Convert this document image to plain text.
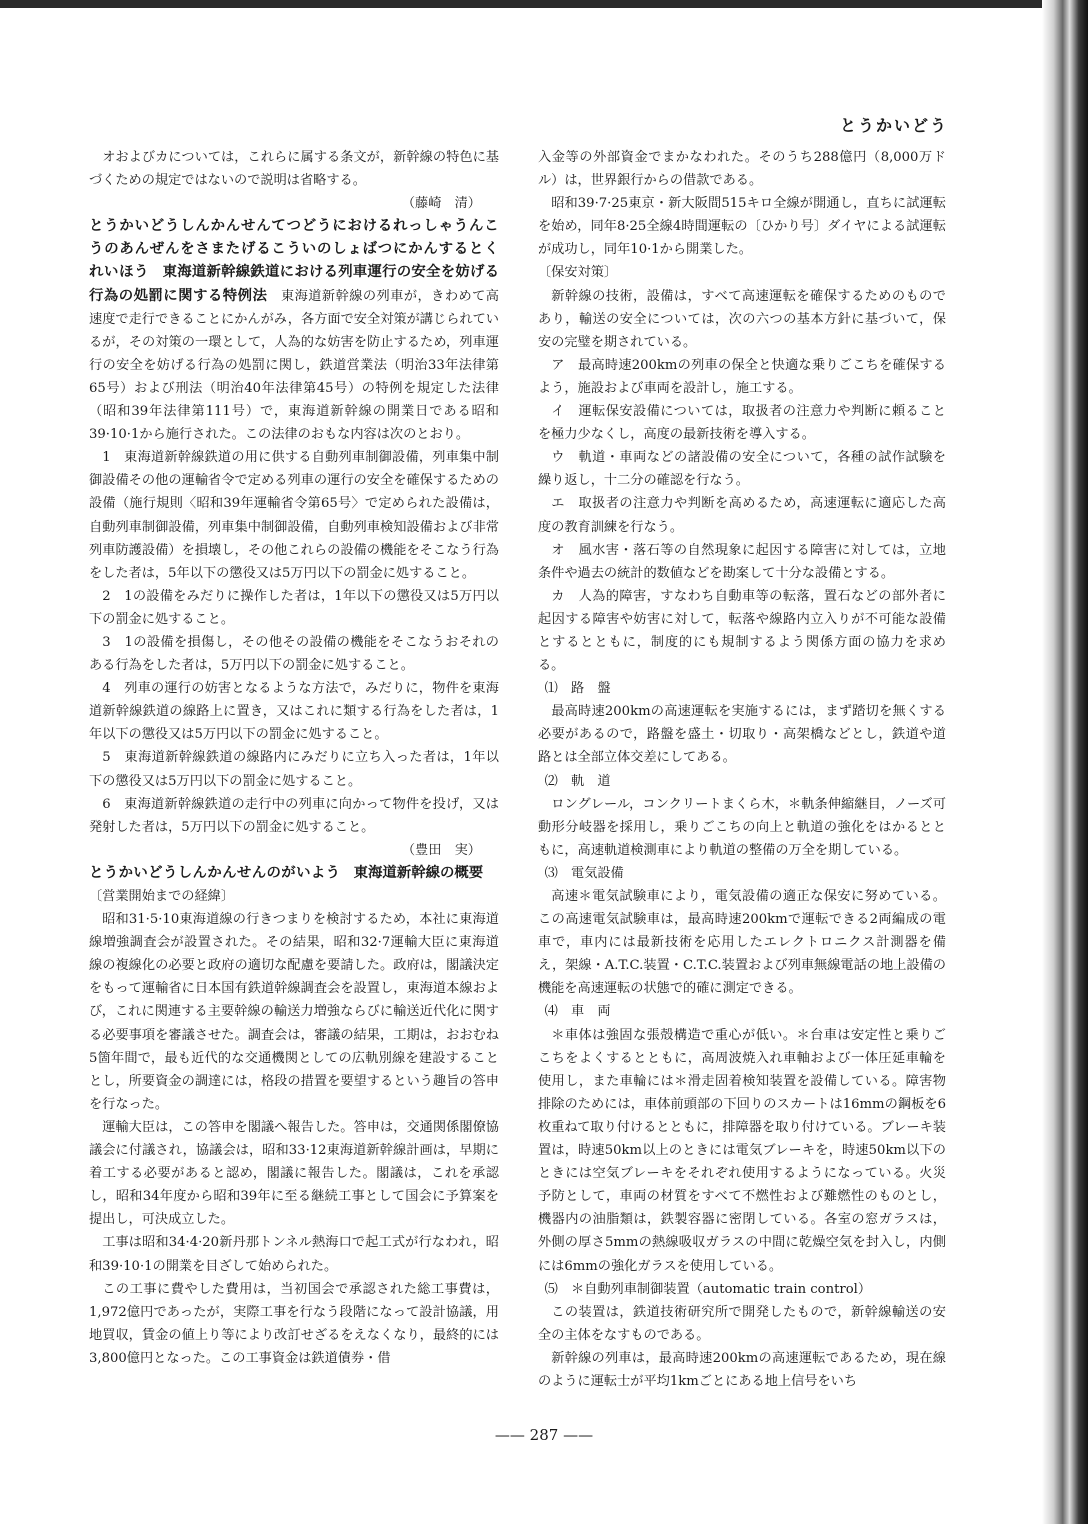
とうかいどう

オおよびカについては，これらに属する条文が，新幹線の特色に基づくための規定ではないので説明は省略する。

（藤崎　清）

とうかいどうしんかんせんてつどうにおけるれっしゃうんこうのあんぜんをさまたげるこういのしょばつにかんするとくれいほう　 東海道新幹線鉄道における列車運行の安全を妨げる行為の処罰に関する特例法　 東海道新幹線の列車が，きわめて高速度で走行できることにかんがみ，各方面で安全対策が講じられているが，その対策の一環として，人為的な妨害を防止するため，列車運行の安全を妨げる行為の処罰に関し，鉄道営業法（明治33年法律第65号）および刑法（明治40年法律第45号）の特例を規定した法律（昭和39年法律第111号）で，東海道新幹線の開業日である昭和39·10·1から施行された。この法律のおもな内容は次のとおり。

1　東海道新幹線鉄道の用に供する自動列車制御設備，列車集中制御設備その他の運輸省令で定める列車の運行の安全を確保するための設備（施行規則〈昭和39年運輸省令第65号〉で定められた設備は，自動列車制御設備，列車集中制御設備，自動列車検知設備および非常列車防護設備）を損壊し，その他これらの設備の機能をそこなう行為をした者は，5年以下の懲役又は5万円以下の罰金に処すること。

2　1の設備をみだりに操作した者は，1年以下の懲役又は5万円以下の罰金に処すること。

3　1の設備を損傷し，その他その設備の機能をそこなうおそれのある行為をした者は，5万円以下の罰金に処すること。

4　列車の運行の妨害となるような方法で，みだりに，物件を東海道新幹線鉄道の線路上に置き，又はこれに類する行為をした者は，1年以下の懲役又は5万円以下の罰金に処すること。

5　東海道新幹線鉄道の線路内にみだりに立ち入った者は，1年以下の懲役又は5万円以下の罰金に処すること。

6　東海道新幹線鉄道の走行中の列車に向かって物件を投げ，又は発射した者は，5万円以下の罰金に処すること。

（豊田　実）

とうかいどうしんかんせんのがいよう　 東海道新幹線の概要

〔営業開始までの経緯〕

昭和31·5·10東海道線の行きつまりを検討するため，本社に東海道線増強調査会が設置された。その結果，昭和32·7運輸大臣に東海道線の複線化の必要と政府の適切な配慮を要請した。政府は，閣議決定をもって運輸省に日本国有鉄道幹線調査会を設置し，東海道本線および，これに関連する主要幹線の輸送力増強ならびに輸送近代化に関する必要事項を審議させた。調査会は，審議の結果，工期は，おおむね5箇年間で，最も近代的な交通機関としての広軌別線を建設することとし，所要資金の調達には，格段の措置を要望するという趣旨の答申を行なった。

運輸大臣は，この答申を閣議へ報告した。答申は，交通関係閣僚協議会に付議され，協議会は，昭和33·12東海道新幹線計画は，早期に着工する必要があると認め，閣議に報告した。閣議は，これを承認し，昭和34年度から昭和39年に至る継続工事として国会に予算案を提出し，可決成立した。

工事は昭和34·4·20新丹那トンネル熱海口で起工式が行なわれ，昭和39·10·1の開業を目ざして始められた。

この工事に費やした費用は，当初国会で承認された総工事費は，1,972億円であったが，実際工事を行なう段階になって設計協議，用地買収，賃金の値上り等により改訂せざるをえなくなり，最終的には3,800億円となった。この工事資金は鉄道債券・借

入金等の外部資金でまかなわれた。そのうち288億円（8,000万ドル）は，世界銀行からの借款である。

昭和39·7·25東京・新大阪間515キロ全線が開通し，直ちに試運転を始め，同年8·25全線4時間運転の〔ひかり号〕ダイヤによる試運転が成功し，同年10·1から開業した。

〔保安対策〕

新幹線の技術，設備は，すべて高速運転を確保するためのものであり，輸送の安全については，次の六つの基本方針に基づいて，保安の完璧を期されている。

ア　最高時速200kmの列車の保全と快適な乗りごこちを確保するよう，施設および車両を設計し，施工する。

イ　運転保安設備については，取扱者の注意力や判断に頼ることを極力少なくし，高度の最新技術を導入する。

ウ　軌道・車両などの諸設備の安全について，各種の試作試験を繰り返し，十二分の確認を行なう。

エ　取扱者の注意力や判断を高めるため，高速運転に適応した高度の教育訓練を行なう。

オ　風水害・落石等の自然現象に起因する障害に対しては，立地条件や過去の統計的数値などを勘案して十分な設備とする。

カ　人為的障害，すなわち自動車等の転落，置石などの部外者に起因する障害や妨害に対して，転落や線路内立入りが不可能な設備とするとともに，制度的にも規制するよう関係方面の協力を求める。

⑴　路　盤

最高時速200kmの高速運転を実施するには，まず踏切を無くする必要があるので，路盤を盛土・切取り・高架橋などとし，鉄道や道路とは全部立体交差にしてある。

⑵　軌　道

ロングレール，コンクリートまくら木，＊軌条伸縮継目，ノーズ可動形分岐器を採用し，乗りごこちの向上と軌道の強化をはかるとともに，高速軌道検測車により軌道の整備の万全を期している。

⑶　電気設備

高速＊電気試験車により，電気設備の適正な保安に努めている。この高速電気試験車は，最高時速200kmで運転できる2両編成の電車で，車内には最新技術を応用したエレクトロニクス計測器を備え，架線・A.T.C.装置・C.T.C.装置および列車無線電話の地上設備の機能を高速運転の状態で的確に測定できる。

⑷　車　両

＊車体は強固な張殻構造で重心が低い。＊台車は安定性と乗りごこちをよくするとともに，高周波焼入れ車軸および一体圧延車輪を使用し，また車輪には＊滑走固着検知装置を設備している。障害物排除のためには，車体前頭部の下回りのスカートは16mmの鋼板を6枚重ねて取り付けるとともに，排障器を取り付けている。ブレーキ装置は，時速50km以上のときには電気ブレーキを，時速50km以下のときには空気ブレーキをそれぞれ使用するようになっている。火災予防として，車両の材質をすべて不燃性および難燃性のものとし，機器内の油脂類は，鉄製容器に密閉している。各室の窓ガラスは，外側の厚さ5mmの熱線吸収ガラスの中間に乾燥空気を封入し，内側には6mmの強化ガラスを使用している。

⑸　＊自動列車制御装置（automatic train control）

この装置は，鉄道技術研究所で開発したもので，新幹線輸送の安全の主体をなすものである。

新幹線の列車は，最高時速200kmの高速運転であるため，現在線のように運転士が平均1kmごとにある地上信号をいち

—— 287 ——
